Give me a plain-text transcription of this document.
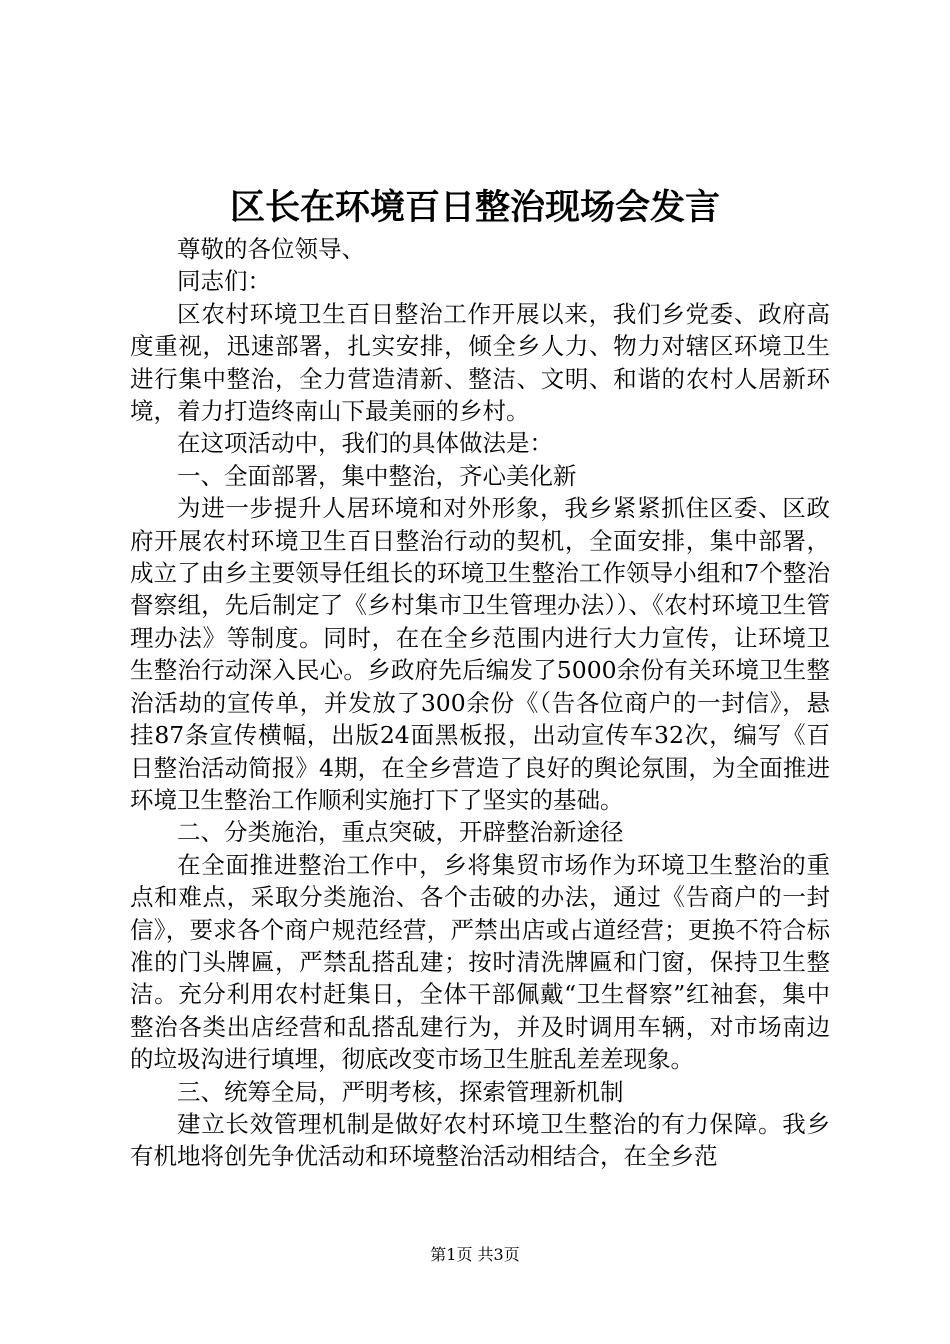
区长在环境百日整治现场会发言

尊敬的各位领导、

同志们：

区农村环境卫生百日整治工作开展以来，我们乡党委、政府高度重视，迅速部署，扎实安排，倾全乡人力、物力对辖区环境卫生进行集中整治，全力营造清新、整洁、文明、和谐的农村人居新环境，着力打造终南山下最美丽的乡村。

在这项活动中，我们的具体做法是：

一、全面部署，集中整治，齐心美化新

为进一步提升人居环境和对外形象，我乡紧紧抓住区委、区政府开展农村环境卫生百日整治行动的契机，全面安排，集中部署，成立了由乡主要领导任组长的环境卫生整治工作领导小组和7个整治督察组，先后制定了《乡村集市卫生管理办法））、《农村环境卫生管理办法》等制度。同时，在在全乡范围内进行大力宣传，让环境卫生整治行动深入民心。乡政府先后编发了5000余份有关环境卫生整治活劫的宣传单，并发放了300余份《（告各位商户的一封信》，悬挂87条宣传横幅，出版24面黑板报，出动宣传车32次，编写《百日整治活动简报》4期，在全乡营造了良好的舆论氛围，为全面推进环境卫生整治工作顺利实施打下了坚实的基础。

二、分类施治，重点突破，开辟整治新途径

在全面推进整治工作中，乡将集贸市场作为环境卫生整治的重点和难点，采取分类施治、各个击破的办法，通过《告商户的一封信》，要求各个商户规范经营，严禁出店或占道经营；更换不符合标准的门头牌匾，严禁乱搭乱建；按时清洗牌匾和门窗，保持卫生整洁。充分利用农村赶集日，全体干部佩戴“卫生督察”红袖套，集中整治各类出店经营和乱搭乱建行为，并及时调用车辆，对市场南边的垃圾沟进行填埋，彻底改变市场卫生脏乱差差现象。

三、统筹全局，严明考核，探索管理新机制

建立长效管理机制是做好农村环境卫生整治的有力保障。我乡有机地将创先争优活动和环境整治活动相结合，在全乡范

第1页 共3页
